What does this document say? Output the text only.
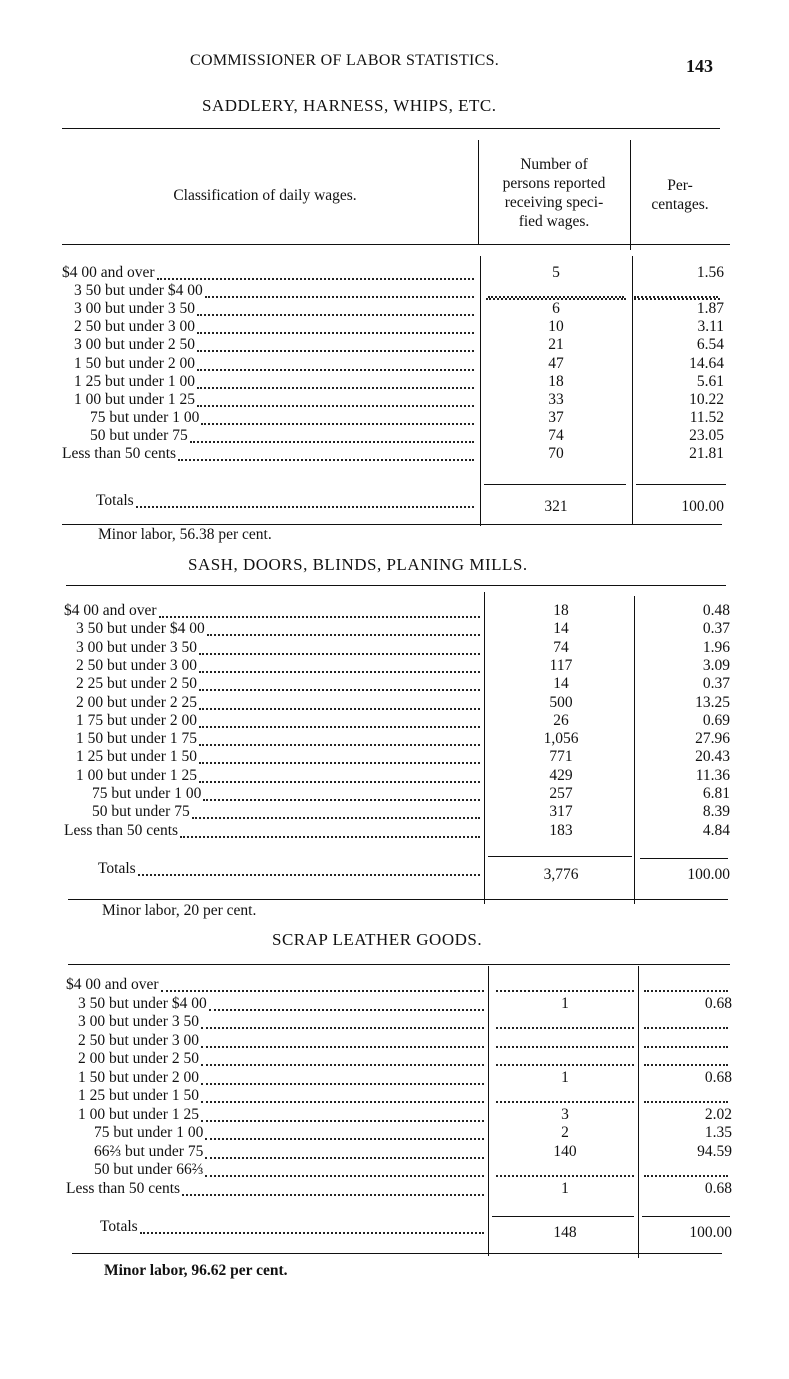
COMMISSIONER OF LABOR STATISTICS.	143
SADDLERY, HARNESS, WHIPS, ETC.
Classification of daily wages.
Number of
persons reported
receiving speci-
fied wages.
Per-
centages.
$4 00 and over	5	1.56
3 50 but under $4 00
3 00 but under 3 50	6	1.87
2 50 but under 3 00	10	3.11
3 00 but under 2 50	21	6.54
1 50 but under 2 00	47	14.64
1 25 but under 1 00	18	5.61
1 00 but under 1 25	33	10.22
75 but under 1 00	37	11.52
50 but under 75	74	23.05
Less than 50 cents	70	21.81
Totals	321	100.00
Minor labor, 56.38 per cent.
SASH, DOORS, BLINDS, PLANING MILLS.
$4 00 and over	18	0.48
3 50 but under $4 00	14	0.37
3 00 but under 3 50	74	1.96
2 50 but under 3 00	117	3.09
2 25 but under 2 50	14	0.37
2 00 but under 2 25	500	13.25
1 75 but under 2 00	26	0.69
1 50 but under 1 75	1,056	27.96
1 25 but under 1 50	771	20.43
1 00 but under 1 25	429	11.36
75 but under 1 00	257	6.81
50 but under 75	317	8.39
Less than 50 cents	183	4.84
Totals	3,776	100.00
Minor labor, 20 per cent.
SCRAP LEATHER GOODS.
$4 00 and over
3 50 but under $4 00	1	0.68
3 00 but under 3 50
2 50 but under 3 00
2 00 but under 2 50
1 50 but under 2 00	1	0.68
1 25 but under 1 50
1 00 but under 1 25	3	2.02
75 but under 1 00	2	1.35
66⅔ but under 75	140	94.59
50 but under 66⅔
Less than 50 cents	1	0.68
Totals	148	100.00
Minor labor, 96.62 per cent.
